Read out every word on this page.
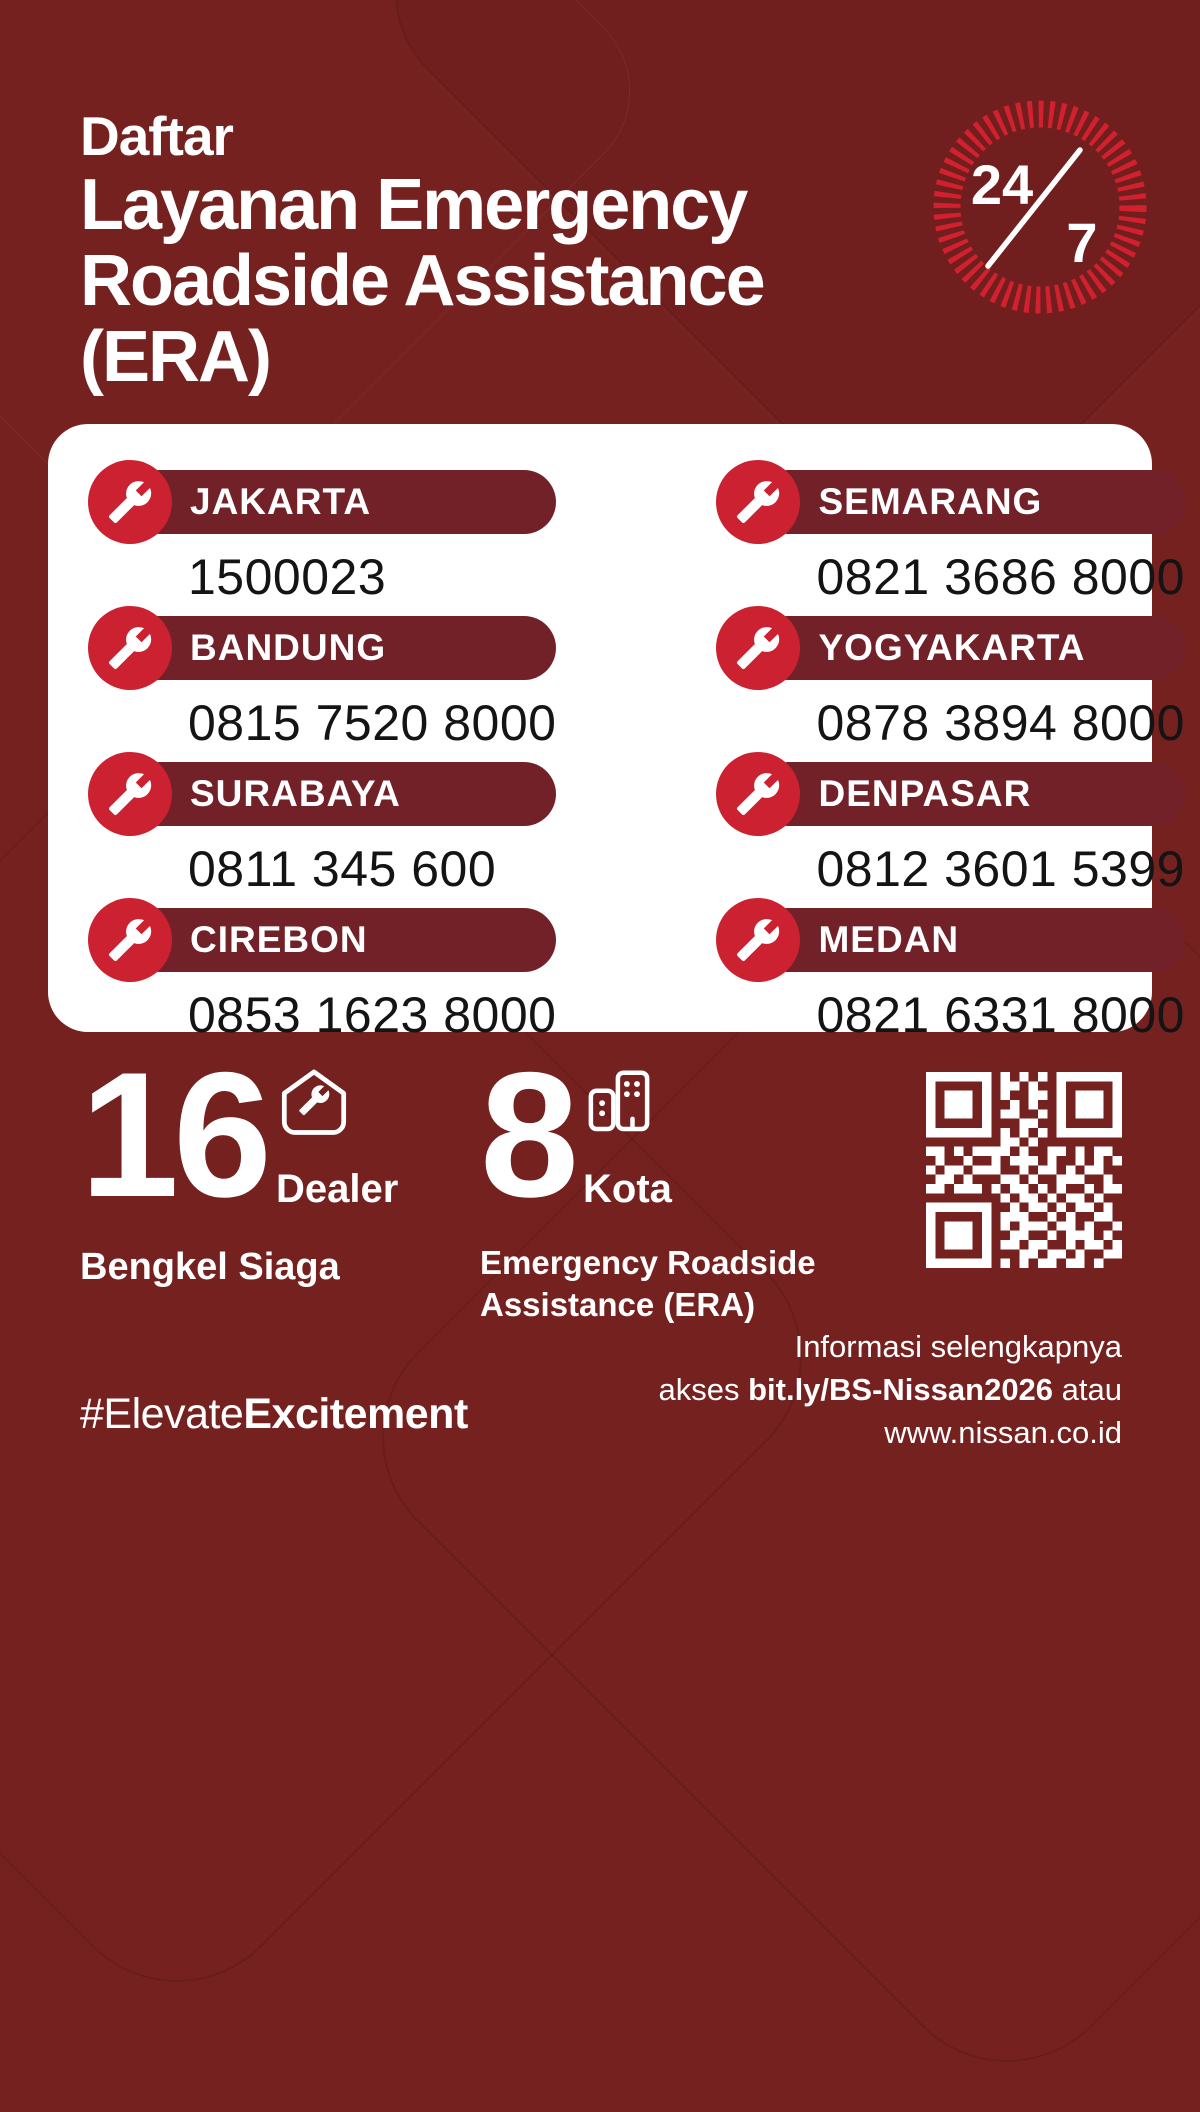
Daftar
Layanan Emergency
Roadside Assistance
(ERA)
24
7
JAKARTA
1500023
BANDUNG
0815 7520 8000
SURABAYA
0811 345 600
CIREBON
0853 1623 8000
SEMARANG
0821 3686 8000
YOGYAKARTA
0878 3894 8000
DENPASAR
0812 3601 5399
MEDAN
0821 6331 8000
16 Dealer
Bengkel Siaga
8 Kota
Emergency Roadside
Assistance (ERA)
#ElevateExcitement
Informasi selengkapnya
akses bit.ly/BS-Nissan2026 atau
www.nissan.co.id
